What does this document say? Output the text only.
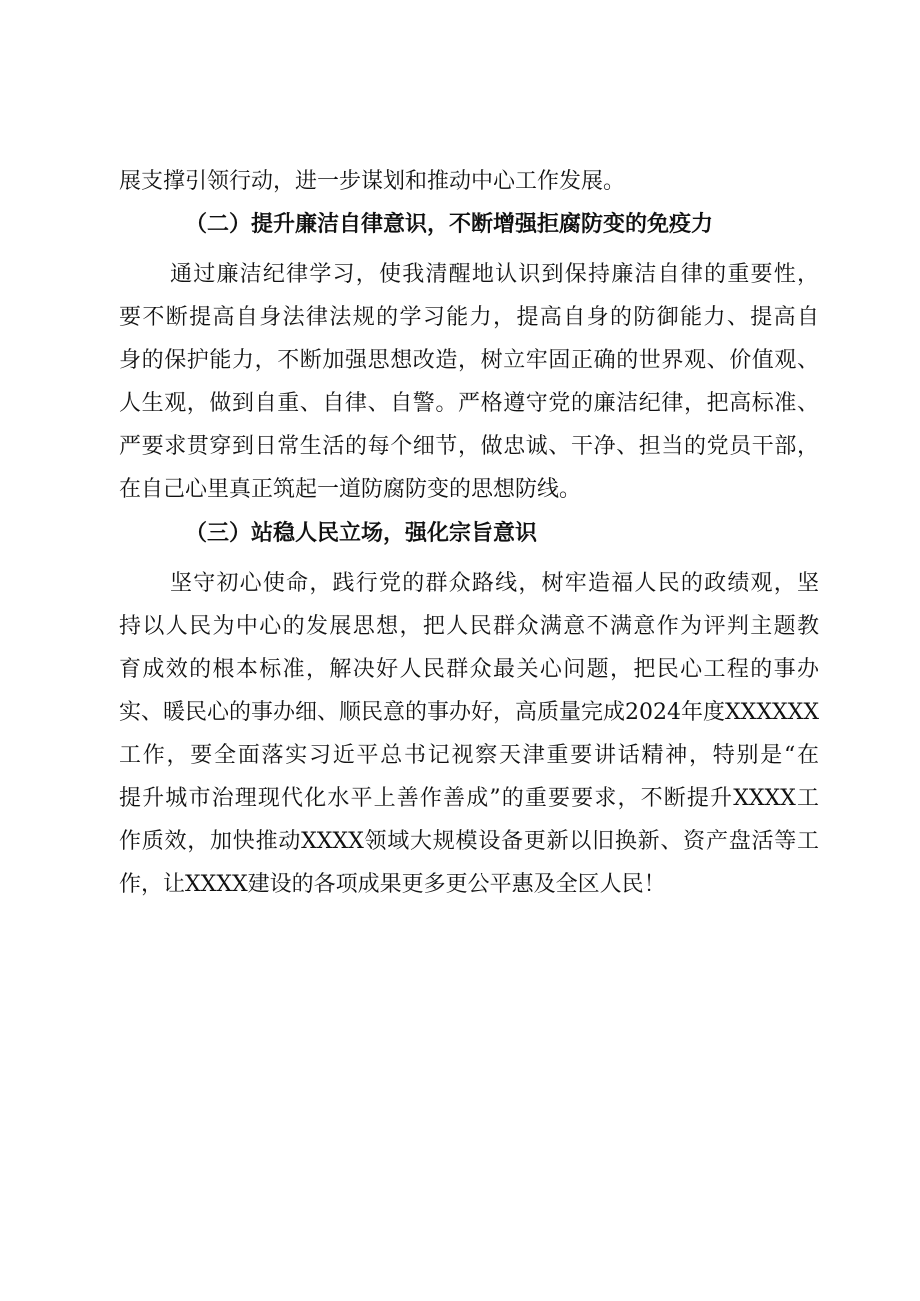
展支撑引领行动，进一步谋划和推动中心工作发展。
（二）提升廉洁自律意识，不断增强拒腐防变的免疫力
通过廉洁纪律学习，使我清醒地认识到保持廉洁自律的重要性，
要不断提高自身法律法规的学习能力，提高自身的防御能力、提高自
身的保护能力，不断加强思想改造，树立牢固正确的世界观、价值观、
人生观，做到自重、自律、自警。严格遵守党的廉洁纪律，把高标准、
严要求贯穿到日常生活的每个细节，做忠诚、干净、担当的党员干部，
在自己心里真正筑起一道防腐防变的思想防线。
（三）站稳人民立场，强化宗旨意识
坚守初心使命，践行党的群众路线，树牢造福人民的政绩观，坚
持以人民为中心的发展思想，把人民群众满意不满意作为评判主题教
育成效的根本标准，解决好人民群众最关心问题，把民心工程的事办
实、暖民心的事办细、顺民意的事办好，高质量完成2024年度XXXXXX
工作，要全面落实习近平总书记视察天津重要讲话精神，特别是“在
提升城市治理现代化水平上善作善成”的重要要求，不断提升XXXX工
作质效，加快推动XXXX领域大规模设备更新以旧换新、资产盘活等工
作，让XXXX建设的各项成果更多更公平惠及全区人民！
